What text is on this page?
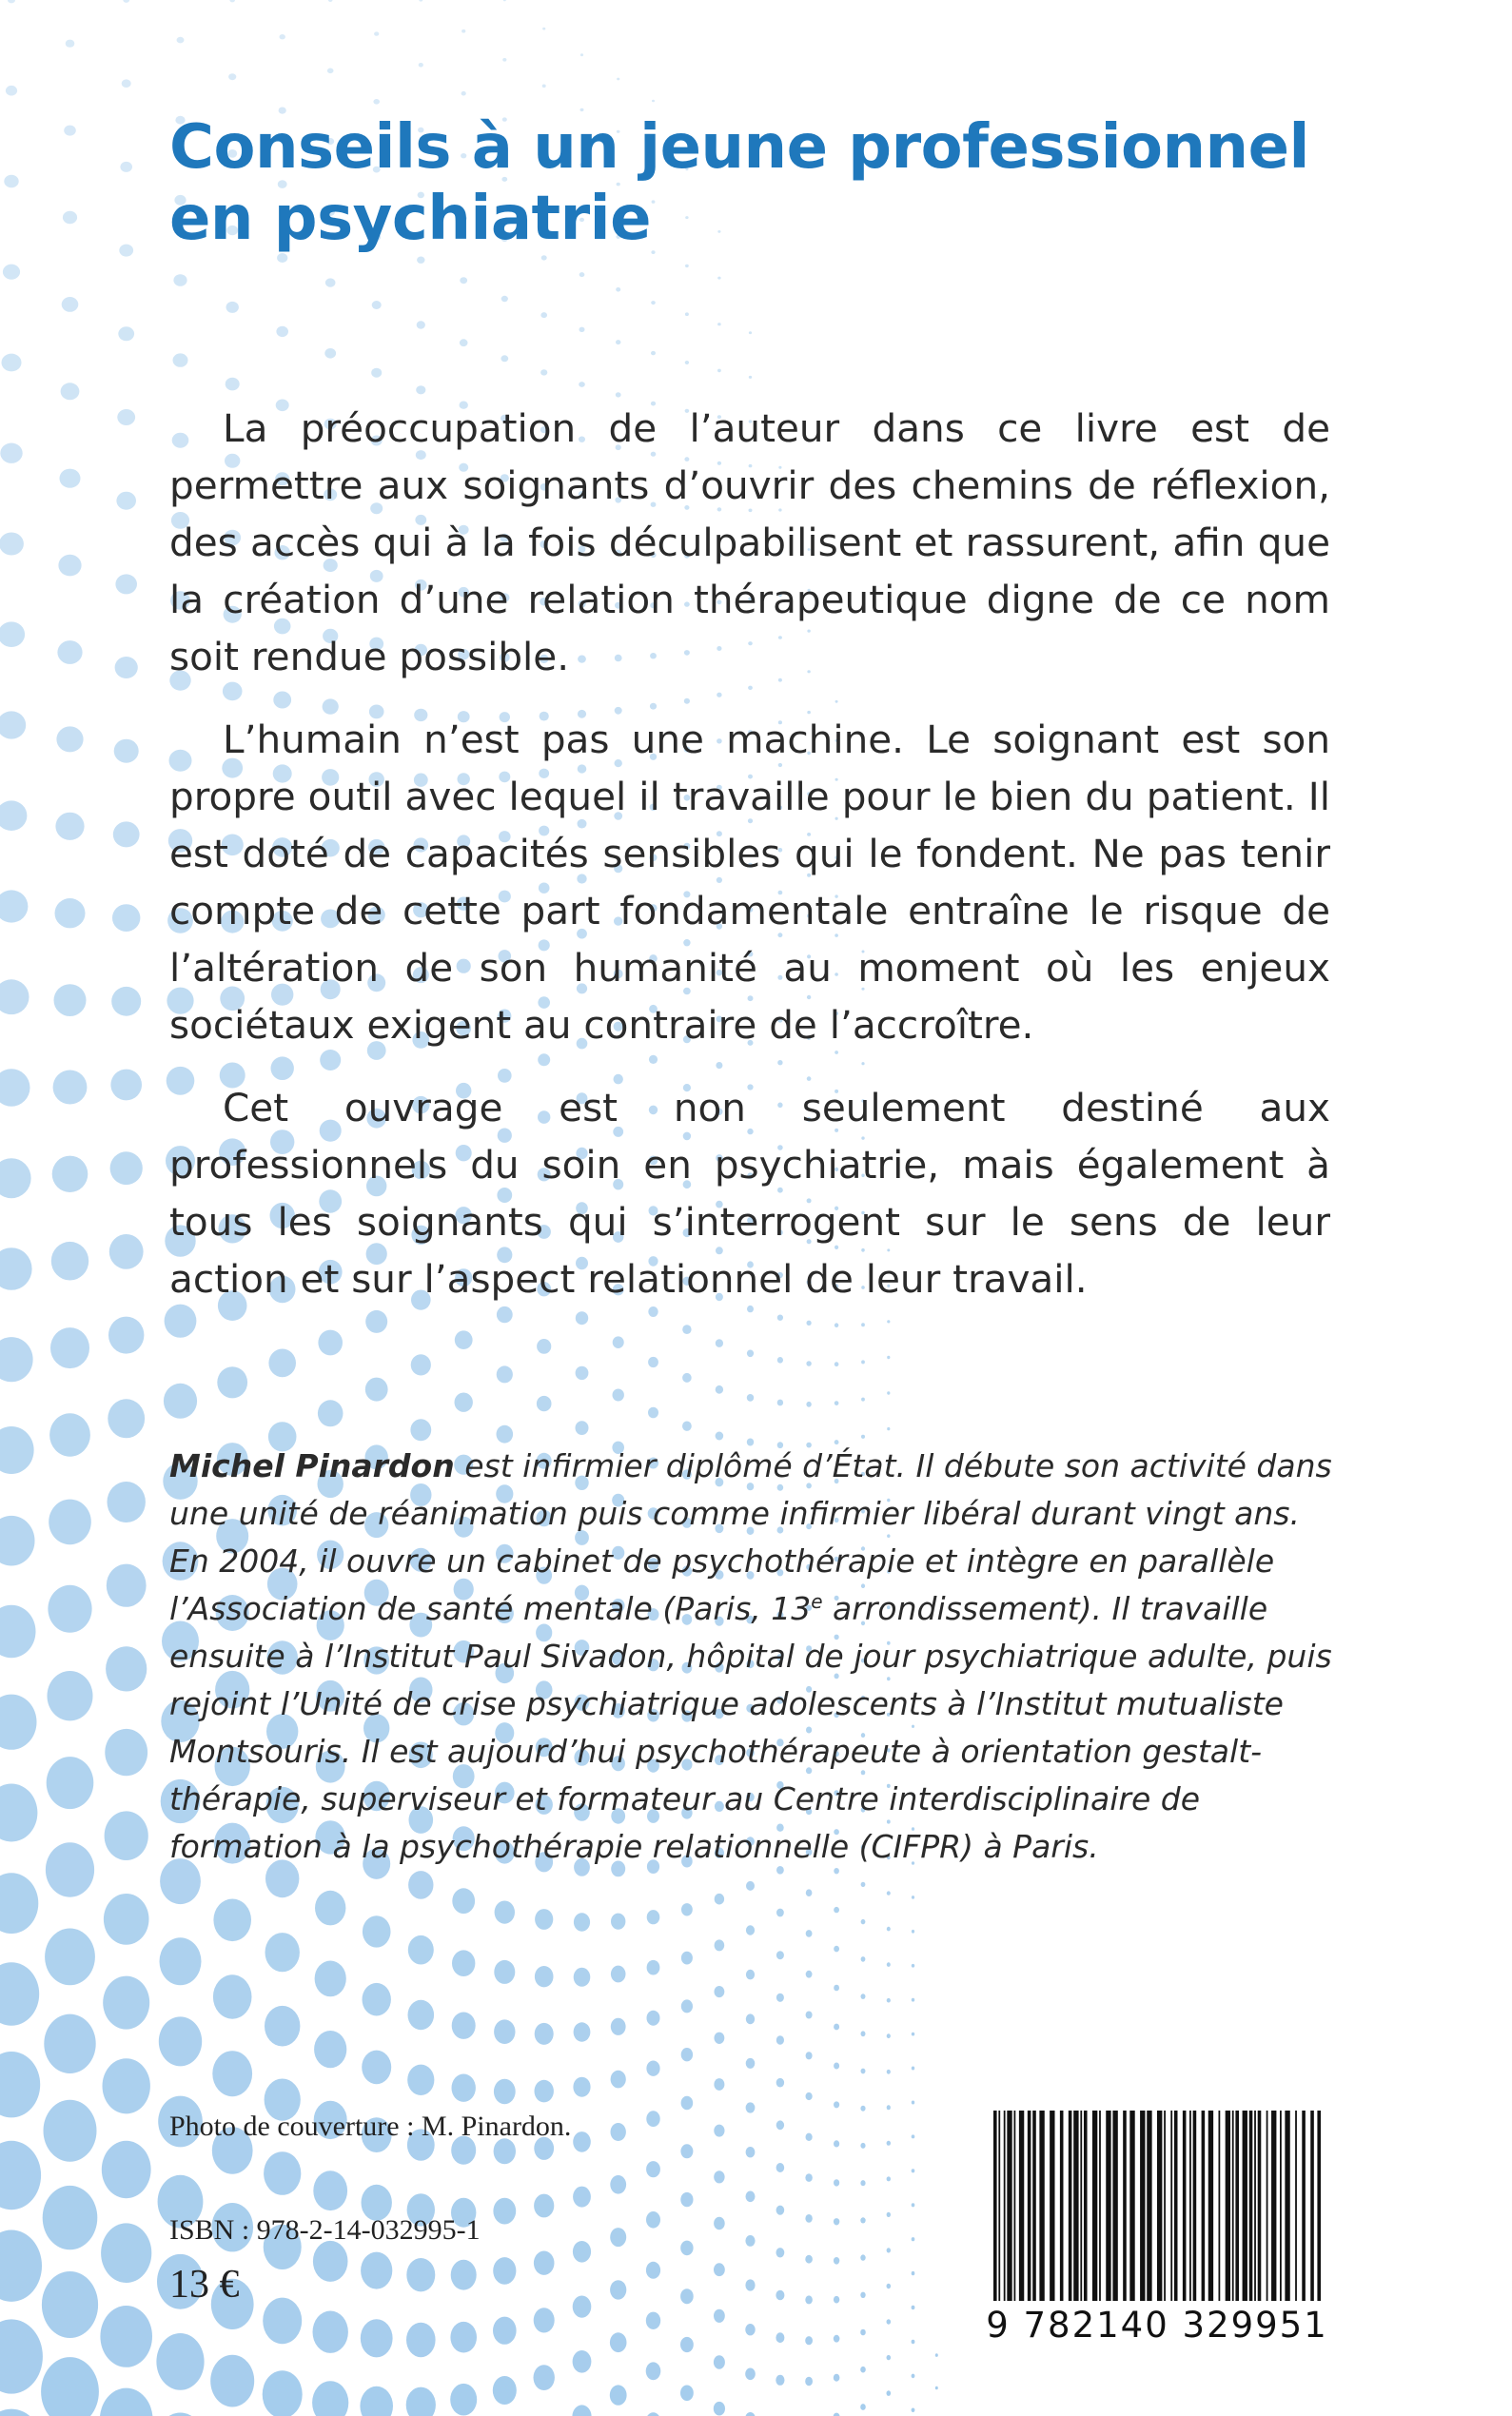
Conseils à un jeune professionnel
en psychiatrie

La préoccupation de l’auteur dans ce livre est de permettre aux soignants d’ouvrir des chemins de réflexion, des accès qui à la fois déculpabilisent et rassurent, afin que la création d’une relation thérapeutique digne de ce nom soit rendue possible.

L’humain n’est pas une machine. Le soignant est son propre outil avec lequel il travaille pour le bien du patient. Il est doté de capacités sensibles qui le fondent. Ne pas tenir compte de cette part fondamentale entraîne le risque de l’altération de son humanité au moment où les enjeux sociétaux exigent au contraire de l’accroître.

Cet ouvrage est non seulement destiné aux professionnels du soin en psychiatrie, mais également à tous les soignants qui s’interrogent sur le sens de leur action et sur l’aspect relationnel de leur travail.

Michel Pinardon est infirmier diplômé d’État. Il débute son activité dans une unité de réanimation puis comme infirmier libéral durant vingt ans. En 2004, il ouvre un cabinet de psychothérapie et intègre en parallèle l’Association de santé mentale (Paris, 13e arrondissement). Il travaille ensuite à l’Institut Paul Sivadon, hôpital de jour psychiatrique adulte, puis rejoint l’Unité de crise psychiatrique adolescents à l’Institut mutualiste Montsouris. Il est aujourd’hui psychothérapeute à orientation gestalt-thérapie, superviseur et formateur au Centre interdisciplinaire de formation à la psychothérapie relationnelle (CIFPR) à Paris.

Photo de couverture : M. Pinardon.

ISBN : 978-2-14-032995-1

13 €

9 782140 329951
